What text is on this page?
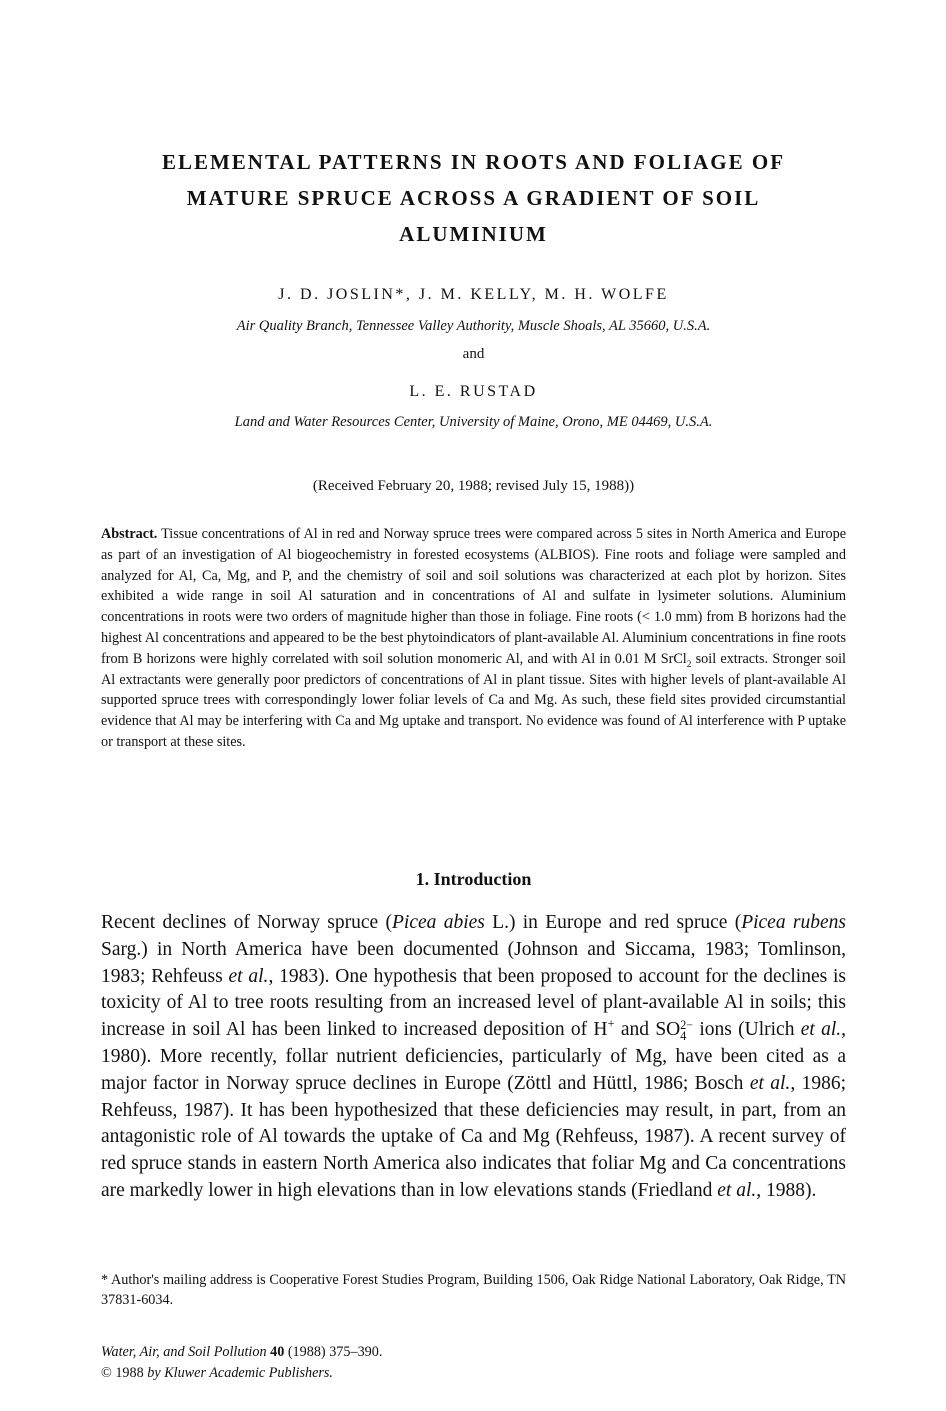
ELEMENTAL PATTERNS IN ROOTS AND FOLIAGE OF
MATURE SPRUCE ACROSS A GRADIENT OF SOIL
ALUMINIUM
J. D. JOSLIN*, J. M. KELLY, M. H. WOLFE
Air Quality Branch, Tennessee Valley Authority, Muscle Shoals, AL 35660, U.S.A.
and
L. E. RUSTAD
Land and Water Resources Center, University of Maine, Orono, ME 04469, U.S.A.
(Received February 20, 1988; revised July 15, 1988))
Abstract. Tissue concentrations of Al in red and Norway spruce trees were compared across 5 sites in North America and Europe as part of an investigation of Al biogeochemistry in forested ecosystems (ALBIOS). Fine roots and foliage were sampled and analyzed for Al, Ca, Mg, and P, and the chemistry of soil and soil solutions was characterized at each plot by horizon. Sites exhibited a wide range in soil Al saturation and in concentrations of Al and sulfate in lysimeter solutions. Aluminium concentrations in roots were two orders of magnitude higher than those in foliage. Fine roots (< 1.0 mm) from B horizons had the highest Al concentrations and appeared to be the best phytoindicators of plant-available Al. Aluminium concentrations in fine roots from B horizons were highly correlated with soil solution monomeric Al, and with Al in 0.01 M SrCl$_2$ soil extracts. Stronger soil Al extractants were generally poor predictors of concentrations of Al in plant tissue. Sites with higher levels of plant-available Al supported spruce trees with correspondingly lower foliar levels of Ca and Mg. As such, these field sites provided circumstantial evidence that Al may be interfering with Ca and Mg uptake and transport. No evidence was found of Al interference with P uptake or transport at these sites.
1. Introduction
Recent declines of Norway spruce (Picea abies L.) in Europe and red spruce (Picea rubens Sarg.) in North America have been documented (Johnson and Siccama, 1983; Tomlinson, 1983; Rehfeuss et al., 1983). One hypothesis that been proposed to account for the declines is toxicity of Al to tree roots resulting from an increased level of plant-available Al in soils; this increase in soil Al has been linked to increased deposition of H+ and SO 2−
4 ions (Ulrich et al., 1980). More recently, follar nutrient deficiencies, particularly of Mg, have been cited as a major factor in Norway spruce declines in Europe (Zöttl and Hüttl, 1986; Bosch et al., 1986; Rehfeuss, 1987). It has been hypothesized that these deficiencies may result, in part, from an antagonistic role of Al towards the uptake of Ca and Mg (Rehfeuss, 1987). A recent survey of red spruce stands in eastern North America also indicates that foliar Mg and Ca concentrations are markedly lower in high elevations than in low elevations stands (Friedland et al., 1988).
* Author's mailing address is Cooperative Forest Studies Program, Building 1506, Oak Ridge National Laboratory, Oak Ridge, TN 37831-6034.
Water, Air, and Soil Pollution 40 (1988) 375–390.
© 1988 by Kluwer Academic Publishers.
